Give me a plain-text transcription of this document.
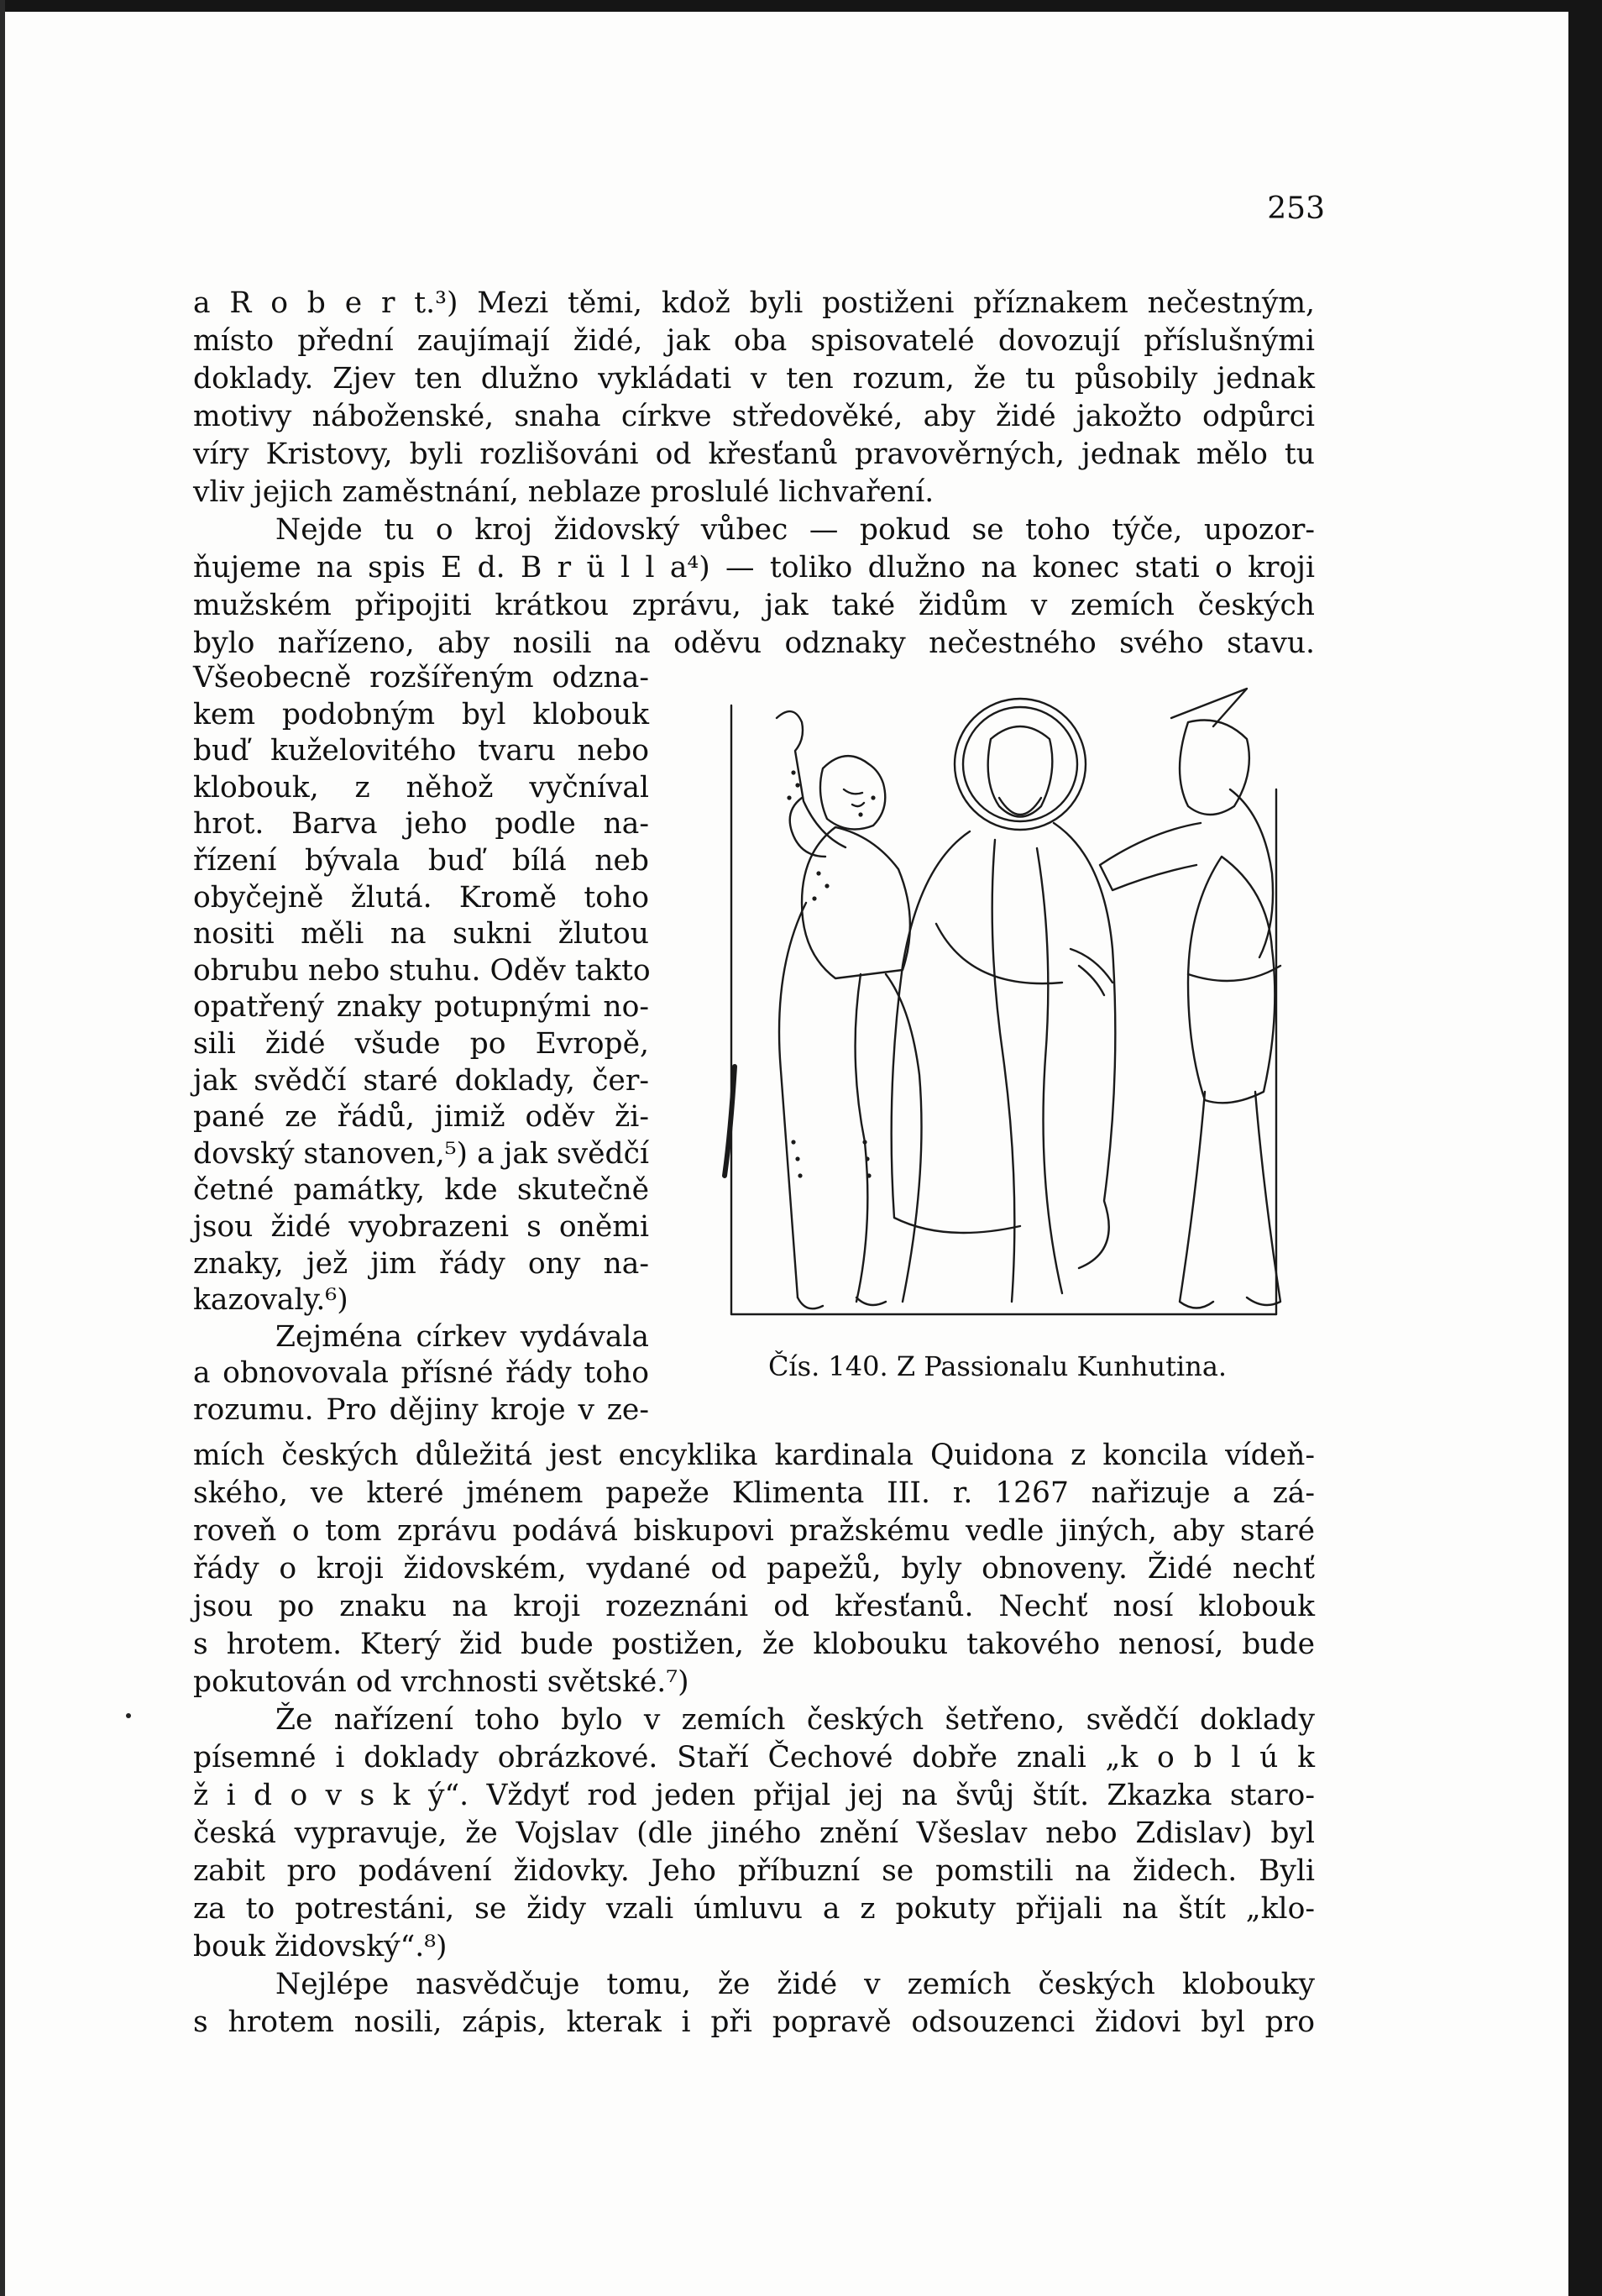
253
a R o b e r t.³) Mezi těmi, kdož byli postiženi příznakem nečestným,
místo přední zaujímají židé, jak oba spisovatelé dovozují příslušnými
doklady. Zjev ten dlužno vykládati v ten rozum, že tu působily jednak
motivy náboženské, snaha církve středověké, aby židé jakožto odpůrci
víry Kristovy, byli rozlišováni od křesťanů pravověrných, jednak mělo tu
vliv jejich zaměstnání, neblaze proslulé lichvaření.
Nejde tu o kroj židovský vůbec — pokud se toho týče, upozor-
ňujeme na spis E d. B r ü l l a⁴) — toliko dlužno na konec stati o kroji
mužském připojiti krátkou zprávu, jak také židům v zemích českých
bylo nařízeno, aby nosili na oděvu odznaky nečestného svého stavu.
Všeobecně rozšířeným odzna-
kem podobným byl klobouk
buď kuželovitého tvaru nebo
klobouk, z něhož vyčníval
hrot. Barva jeho podle na-
řízení bývala buď bílá neb
obyčejně žlutá. Kromě toho
nositi měli na sukni žlutou
obrubu nebo stuhu. Oděv takto
opatřený znaky potupnými no-
sili židé všude po Evropě,
jak svědčí staré doklady, čer-
pané ze řádů, jimiž oděv ži-
dovský stanoven,⁵) a jak svědčí
četné památky, kde skutečně
jsou židé vyobrazeni s oněmi
znaky, jež jim řády ony na-
kazovaly.⁶)
Zejména církev vydávala
a obnovovala přísné řády toho
rozumu. Pro dějiny kroje v ze-
Čís. 140. Z Passionalu Kunhutina.
mích českých důležitá jest encyklika kardinala Quidona z koncila vídeň-
ského, ve které jménem papeže Klimenta III. r. 1267 nařizuje a zá-
roveň o tom zprávu podává biskupovi pražskému vedle jiných, aby staré
řády o kroji židovském, vydané od papežů, byly obnoveny. Židé nechť
jsou po znaku na kroji rozeznáni od křesťanů. Nechť nosí klobouk
s hrotem. Který žid bude postižen, že klobouku takového nenosí, bude
pokutován od vrchnosti světské.⁷)
Že nařízení toho bylo v zemích českých šetřeno, svědčí doklady
písemné i doklady obrázkové. Staří Čechové dobře znali „k o b l ú k
ž i d o v s k ý“. Vždyť rod jeden přijal jej na švůj štít. Zkazka staro-
česká vypravuje, že Vojslav (dle jiného znění Všeslav nebo Zdislav) byl
zabit pro podávení židovky. Jeho příbuzní se pomstili na židech. Byli
za to potrestáni, se židy vzali úmluvu a z pokuty přijali na štít „klo-
bouk židovský“.⁸)
Nejlépe nasvědčuje tomu, že židé v zemích českých klobouky
s hrotem nosili, zápis, kterak i při popravě odsouzenci židovi byl pro
